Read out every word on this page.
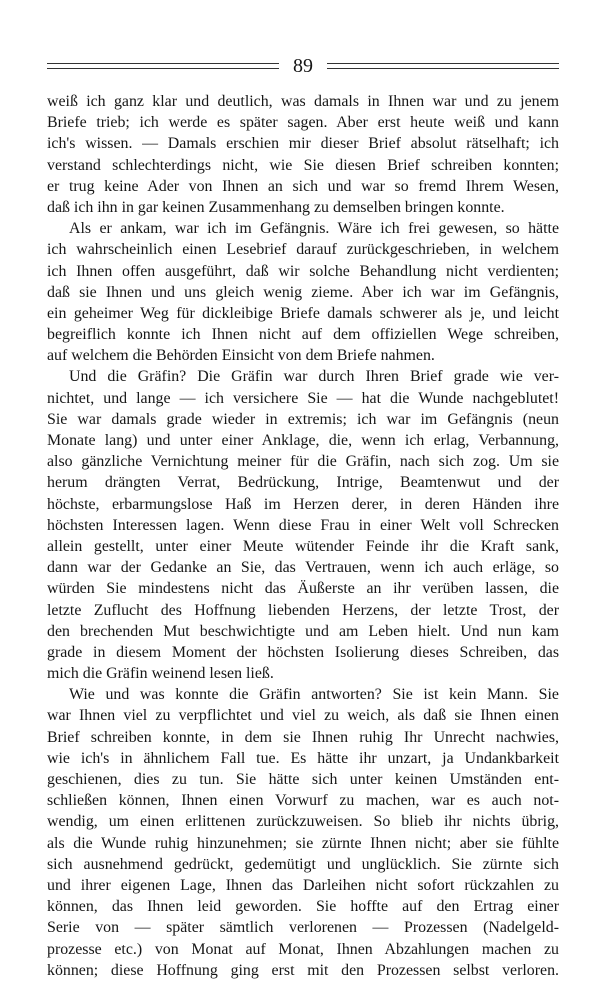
89
weiß ich ganz klar und deutlich, was damals in Ihnen war und zu jenem
Briefe trieb; ich werde es später sagen. Aber erst heute weiß und kann
ich's wissen. — Damals erschien mir dieser Brief absolut rätselhaft; ich
verstand schlechterdings nicht, wie Sie diesen Brief schreiben konnten;
er trug keine Ader von Ihnen an sich und war so fremd Ihrem Wesen,
daß ich ihn in gar keinen Zusammenhang zu demselben bringen konnte.
Als er ankam, war ich im Gefängnis. Wäre ich frei gewesen, so hätte
ich wahrscheinlich einen Lesebrief darauf zurückgeschrieben, in welchem
ich Ihnen offen ausgeführt, daß wir solche Behandlung nicht verdienten;
daß sie Ihnen und uns gleich wenig zieme. Aber ich war im Gefängnis,
ein geheimer Weg für dickleibige Briefe damals schwerer als je, und leicht
begreiflich konnte ich Ihnen nicht auf dem offiziellen Wege schreiben,
auf welchem die Behörden Einsicht von dem Briefe nahmen.
Und die Gräfin? Die Gräfin war durch Ihren Brief grade wie ver-
nichtet, und lange — ich versichere Sie — hat die Wunde nachgeblutet!
Sie war damals grade wieder in extremis; ich war im Gefängnis (neun
Monate lang) und unter einer Anklage, die, wenn ich erlag, Verbannung,
also gänzliche Vernichtung meiner für die Gräfin, nach sich zog. Um sie
herum drängten Verrat, Bedrückung, Intrige, Beamtenwut und der
höchste, erbarmungslose Haß im Herzen derer, in deren Händen ihre
höchsten Interessen lagen. Wenn diese Frau in einer Welt voll Schrecken
allein gestellt, unter einer Meute wütender Feinde ihr die Kraft sank,
dann war der Gedanke an Sie, das Vertrauen, wenn ich auch erläge, so
würden Sie mindestens nicht das Äußerste an ihr verüben lassen, die
letzte Zuflucht des Hoffnung liebenden Herzens, der letzte Trost, der
den brechenden Mut beschwichtigte und am Leben hielt. Und nun kam
grade in diesem Moment der höchsten Isolierung dieses Schreiben, das
mich die Gräfin weinend lesen ließ.
Wie und was konnte die Gräfin antworten? Sie ist kein Mann. Sie
war Ihnen viel zu verpflichtet und viel zu weich, als daß sie Ihnen einen
Brief schreiben konnte, in dem sie Ihnen ruhig Ihr Unrecht nachwies,
wie ich's in ähnlichem Fall tue. Es hätte ihr unzart, ja Undankbarkeit
geschienen, dies zu tun. Sie hätte sich unter keinen Umständen ent-
schließen können, Ihnen einen Vorwurf zu machen, war es auch not-
wendig, um einen erlittenen zurückzuweisen. So blieb ihr nichts übrig,
als die Wunde ruhig hinzunehmen; sie zürnte Ihnen nicht; aber sie fühlte
sich ausnehmend gedrückt, gedemütigt und unglücklich. Sie zürnte sich
und ihrer eigenen Lage, Ihnen das Darleihen nicht sofort rückzahlen zu
können, das Ihnen leid geworden. Sie hoffte auf den Ertrag einer
Serie von — später sämtlich verlorenen — Prozessen (Nadelgeld-
prozesse etc.) von Monat auf Monat, Ihnen Abzahlungen machen zu
können; diese Hoffnung ging erst mit den Prozessen selbst verloren.
